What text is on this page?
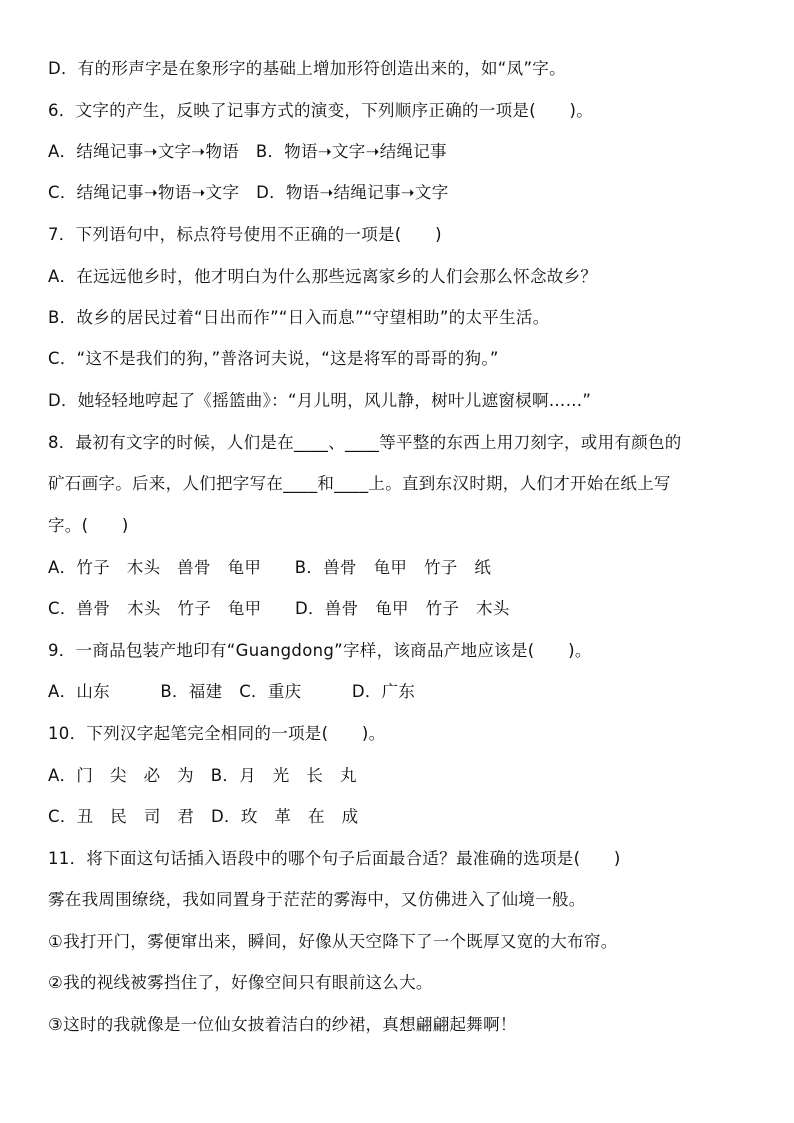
D．有的形声字是在象形字的基础上增加形符创造出来的，如“凤”字。
6．文字的产生，反映了记事方式的演变，下列顺序正确的一项是(　　)。
A．结绳记事➝文字➝物语　B．物语➝文字➝结绳记事
C．结绳记事➝物语➝文字　D．物语➝结绳记事➝文字
7．下列语句中，标点符号使用不正确的一项是(　　)
A．在远远他乡时，他才明白为什么那些远离家乡的人们会那么怀念故乡？
B．故乡的居民过着“日出而作”“日入而息”“守望相助”的太平生活。
C．“这不是我们的狗，”普洛诃夫说，“这是将军的哥哥的狗。”
D．她轻轻地哼起了《摇篮曲》：“月儿明，风儿静，树叶儿遮窗棂啊……”
8．最初有文字的时候，人们是在____、____等平整的东西上用刀刻字，或用有颜色的
矿石画字。后来，人们把字写在____和____上。直到东汉时期，人们才开始在纸上写
字。(　　)
A．竹子　木头　兽骨　龟甲　　B．兽骨　龟甲　竹子　纸
C．兽骨　木头　竹子　龟甲　　D．兽骨　龟甲　竹子　木头
9．一商品包装产地印有“Guangdong”字样，该商品产地应该是(　　)。
A．山东　　　B．福建　C．重庆　　　D．广东
10．下列汉字起笔完全相同的一项是(　　)。
A．门　尖　必　为　B．月　光　长　丸
C．丑　民　司　君　D．玫　革　在　成
11．将下面这句话插入语段中的哪个句子后面最合适？最准确的选项是(　　)
雾在我周围缭绕，我如同置身于茫茫的雾海中，又仿佛进入了仙境一般。
①我打开门，雾便窜出来，瞬间，好像从天空降下了一个既厚又宽的大布帘。
②我的视线被雾挡住了，好像空间只有眼前这么大。
③这时的我就像是一位仙女披着洁白的纱裙，真想翩翩起舞啊！
